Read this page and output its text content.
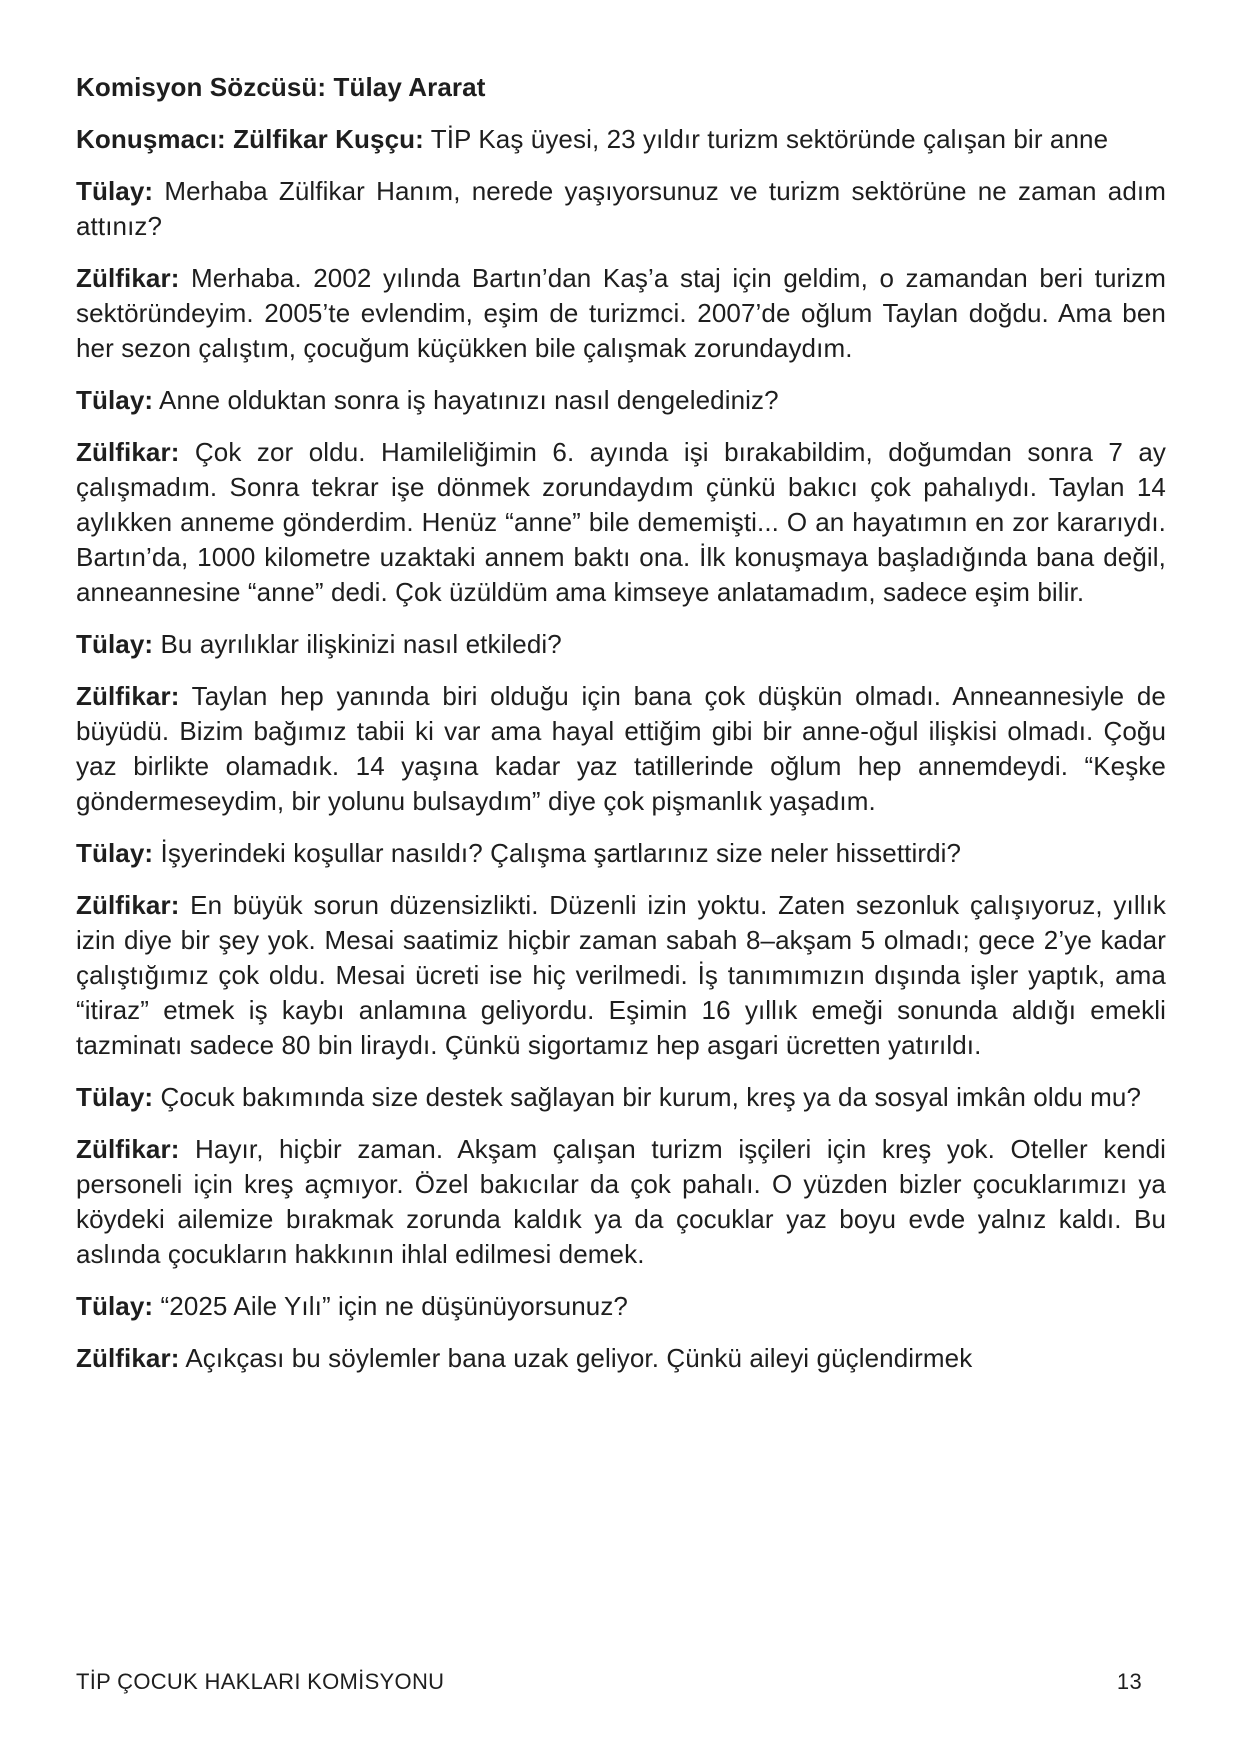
Komisyon Sözcüsü: Tülay Ararat

Konuşmacı: Zülfikar Kuşçu: TİP Kaş üyesi, 23 yıldır turizm sektöründe çalışan bir anne

Tülay: Merhaba Zülfikar Hanım, nerede yaşıyorsunuz ve turizm sektörüne ne zaman adım attınız?

Zülfikar: Merhaba. 2002 yılında Bartın’dan Kaş’a staj için geldim, o zamandan beri turizm sektöründeyim. 2005’te evlendim, eşim de turizmci. 2007’de oğlum Taylan doğdu. Ama ben her sezon çalıştım, çocuğum küçükken bile çalışmak zorundaydım.

Tülay: Anne olduktan sonra iş hayatınızı nasıl dengelediniz?

Zülfikar: Çok zor oldu. Hamileliğimin 6. ayında işi bırakabildim, doğumdan sonra 7 ay çalışmadım. Sonra tekrar işe dönmek zorundaydım çünkü bakıcı çok pahalıydı. Taylan 14 aylıkken anneme gönderdim. Henüz “anne” bile dememişti... O an hayatımın en zor kararıydı. Bartın’da, 1000 kilometre uzaktaki annem baktı ona. İlk konuşmaya başladığında bana değil, anneannesine “anne” dedi. Çok üzüldüm ama kimseye anlatamadım, sadece eşim bilir.

Tülay: Bu ayrılıklar ilişkinizi nasıl etkiledi?

Zülfikar: Taylan hep yanında biri olduğu için bana çok düşkün olmadı. Anneannesiyle de büyüdü. Bizim bağımız tabii ki var ama hayal ettiğim gibi bir anne-oğul ilişkisi olmadı. Çoğu yaz birlikte olamadık. 14 yaşına kadar yaz tatillerinde oğlum hep annemdeydi. “Keşke göndermeseydim, bir yolunu bulsaydım” diye çok pişmanlık yaşadım.

Tülay: İşyerindeki koşullar nasıldı? Çalışma şartlarınız size neler hissettirdi?

Zülfikar: En büyük sorun düzensizlikti. Düzenli izin yoktu. Zaten sezonluk çalışıyoruz, yıllık izin diye bir şey yok. Mesai saatimiz hiçbir zaman sabah 8–akşam 5 olmadı; gece 2’ye kadar çalıştığımız çok oldu. Mesai ücreti ise hiç verilmedi. İş tanımımızın dışında işler yaptık, ama “itiraz” etmek iş kaybı anlamına geliyordu. Eşimin 16 yıllık emeği sonunda aldığı emekli tazminatı sadece 80 bin liraydı. Çünkü sigortamız hep asgari ücretten yatırıldı.

Tülay: Çocuk bakımında size destek sağlayan bir kurum, kreş ya da sosyal imkân oldu mu?

Zülfikar: Hayır, hiçbir zaman. Akşam çalışan turizm işçileri için kreş yok. Oteller kendi personeli için kreş açmıyor. Özel bakıcılar da çok pahalı. O yüzden bizler çocuklarımızı ya köydeki ailemize bırakmak zorunda kaldık ya da çocuklar yaz boyu evde yalnız kaldı. Bu aslında çocukların hakkının ihlal edilmesi demek.

Tülay: “2025 Aile Yılı” için ne düşünüyorsunuz?

Zülfikar: Açıkçası bu söylemler bana uzak geliyor. Çünkü aileyi güçlendirmek

TİP ÇOCUK HAKLARI KOMİSYONU	13
